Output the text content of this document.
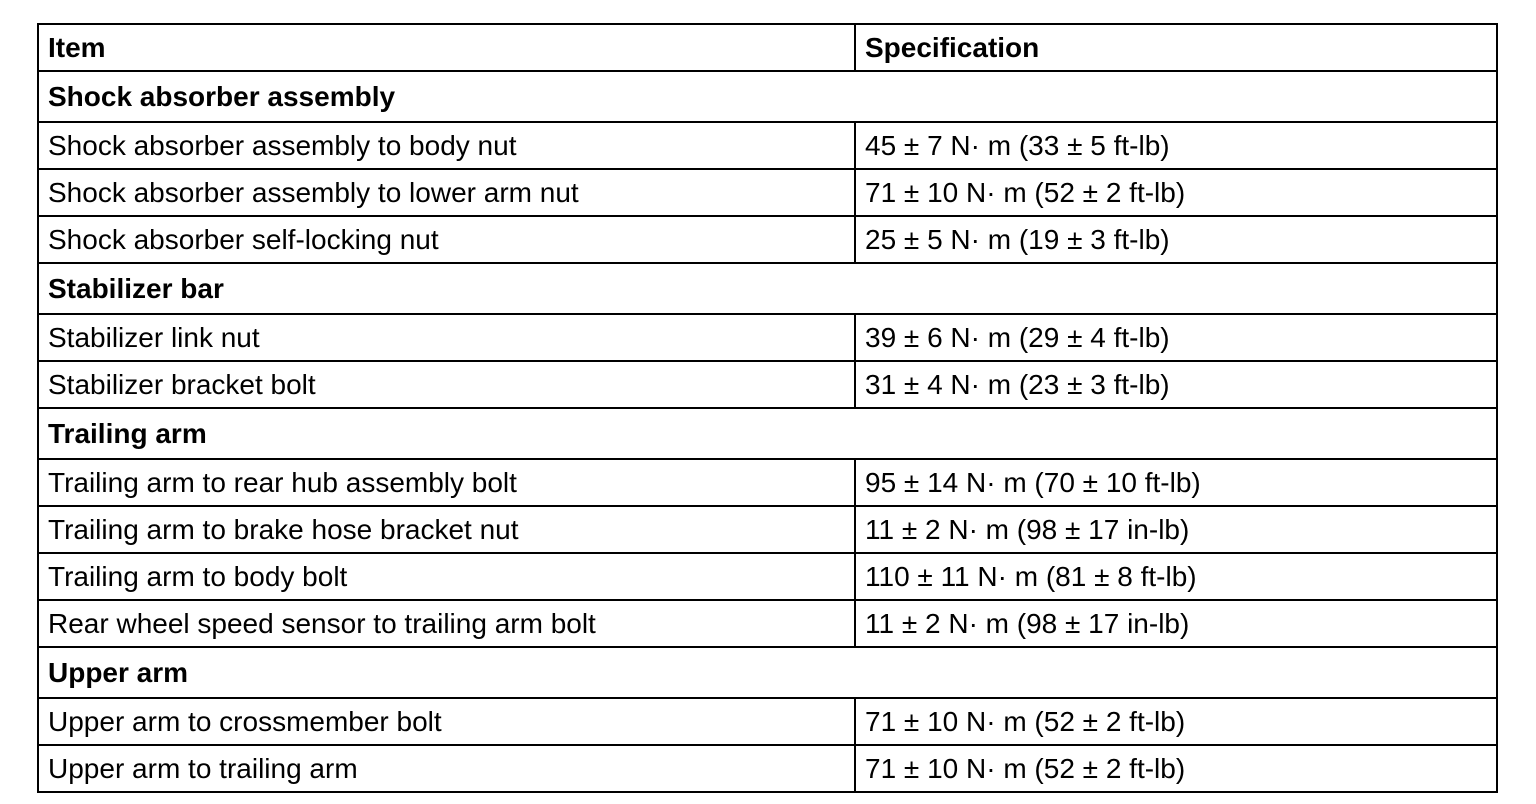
Item	Specification
Shock absorber assembly	
Shock absorber assembly to body nut	45 ± 7 N· m (33 ± 5 ft-lb)
Shock absorber assembly to lower arm nut	71 ± 10 N· m (52 ± 2 ft-lb)
Shock absorber self-locking nut	25 ± 5 N· m (19 ± 3 ft-lb)
Stabilizer bar	
Stabilizer link nut	39 ± 6 N· m (29 ± 4 ft-lb)
Stabilizer bracket bolt	31 ± 4 N· m (23 ± 3 ft-lb)
Trailing arm	
Trailing arm to rear hub assembly bolt	95 ± 14 N· m (70 ± 10 ft-lb)
Trailing arm to brake hose bracket nut	11 ± 2 N· m (98 ± 17 in-lb)
Trailing arm to body bolt	110 ± 11 N· m (81 ± 8 ft-lb)
Rear wheel speed sensor to trailing arm bolt	11 ± 2 N· m (98 ± 17 in-lb)
Upper arm	
Upper arm to crossmember bolt	71 ± 10 N· m (52 ± 2 ft-lb)
Upper arm to trailing arm	71 ± 10 N· m (52 ± 2 ft-lb)
